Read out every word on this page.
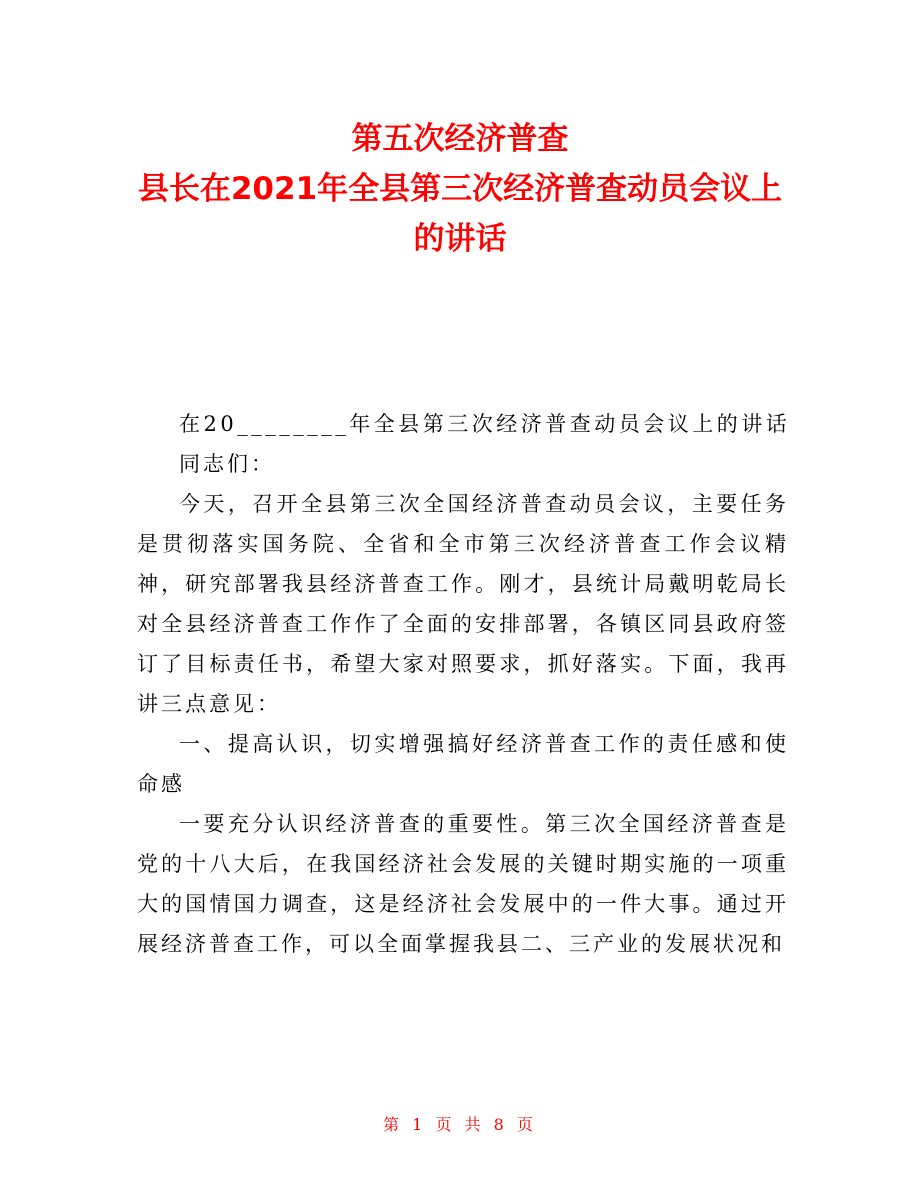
第五次经济普查
县长在2021年全县第三次经济普查动员会议上
的讲话

在20________年全县第三次经济普查动员会议上的讲话

同志们：

今天，召开全县第三次全国经济普查动员会议，主要任务是贯彻落实国务院、全省和全市第三次经济普查工作会议精神，研究部署我县经济普查工作。刚才，县统计局戴明乾局长对全县经济普查工作作了全面的安排部署，各镇区同县政府签订了目标责任书，希望大家对照要求，抓好落实。下面，我再讲三点意见：

一、提高认识，切实增强搞好经济普查工作的责任感和使命感

一要充分认识经济普查的重要性。第三次全国经济普查是党的十八大后，在我国经济社会发展的关键时期实施的一项重大的国情国力调查，这是经济社会发展中的一件大事。通过开展经济普查工作，可以全面掌握我县二、三产业的发展状况和

第 1 页 共 8 页
